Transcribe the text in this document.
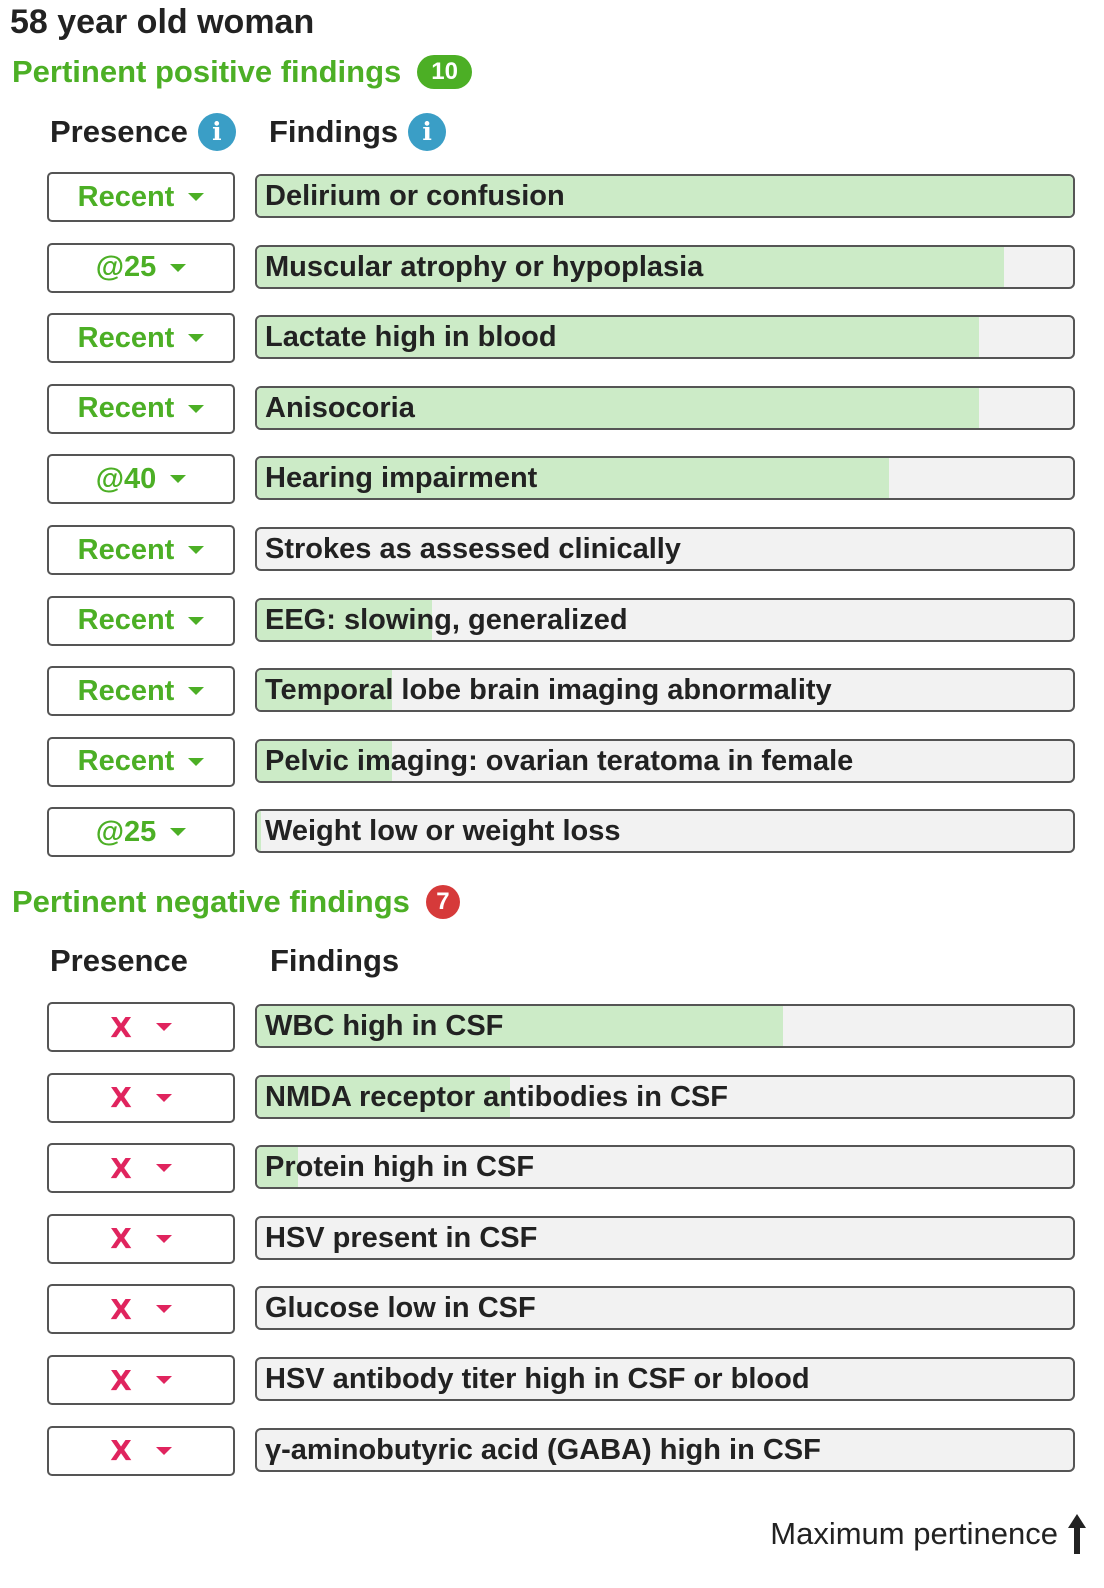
58 year old woman
Pertinent positive findings	10
Presence i	Findings i
Recent	Delirium or confusion
@25	Muscular atrophy or hypoplasia
Recent	Lactate high in blood
Recent	Anisocoria
@40	Hearing impairment
Recent	Strokes as assessed clinically
Recent	EEG: slowing, generalized
Recent	Temporal lobe brain imaging abnormality
Recent	Pelvic imaging: ovarian teratoma in female
@25	Weight low or weight loss
Pertinent negative findings	7
Presence	Findings
X	WBC high in CSF
X	NMDA receptor antibodies in CSF
X	Protein high in CSF
X	HSV present in CSF
X	Glucose low in CSF
X	HSV antibody titer high in CSF or blood
X	γ-aminobutyric acid (GABA) high in CSF
Maximum pertinence
